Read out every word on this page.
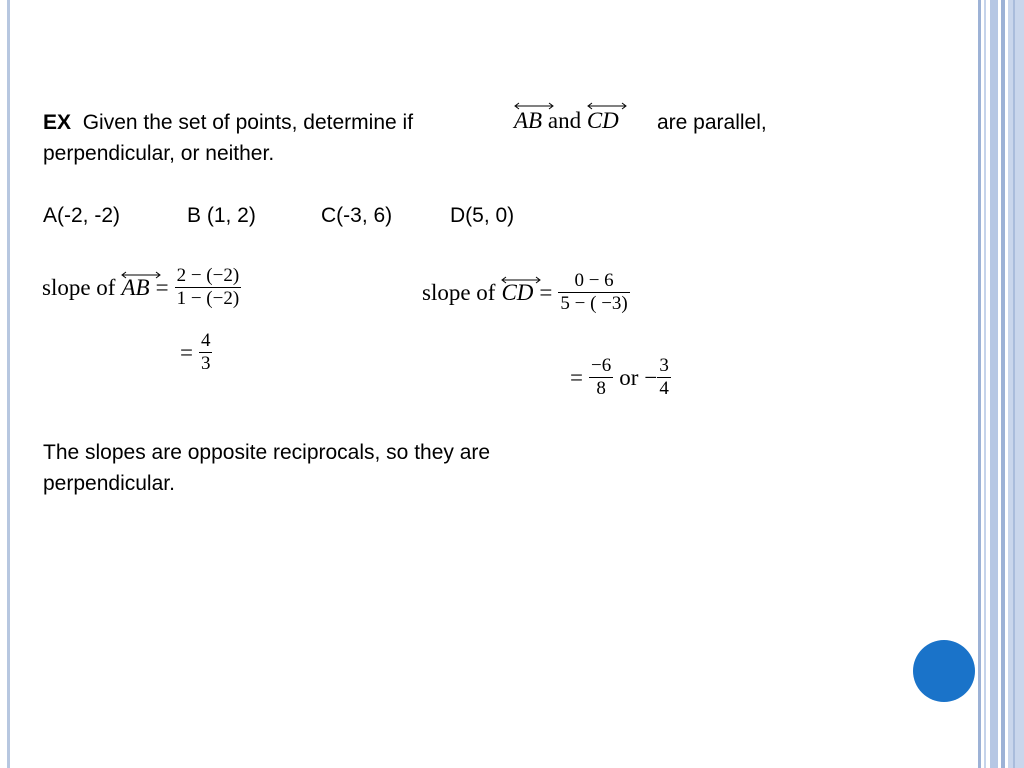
EX Given the set of points, determine if	AB and CD are parallel,
perpendicular, or neither.
A(-2, -2)	B (1, 2)	C(-3, 6)	D(5, 0)
slope of AB = $\frac{2 - (-2)}{1 - (-2)}$
= $\frac{4}{3}$
slope of CD = $\frac{0 - 6}{5 - ( -3)}$
= $\frac{-6}{8}$ or − $\frac{3}{4}$
The slopes are opposite reciprocals, so they are
perpendicular.
